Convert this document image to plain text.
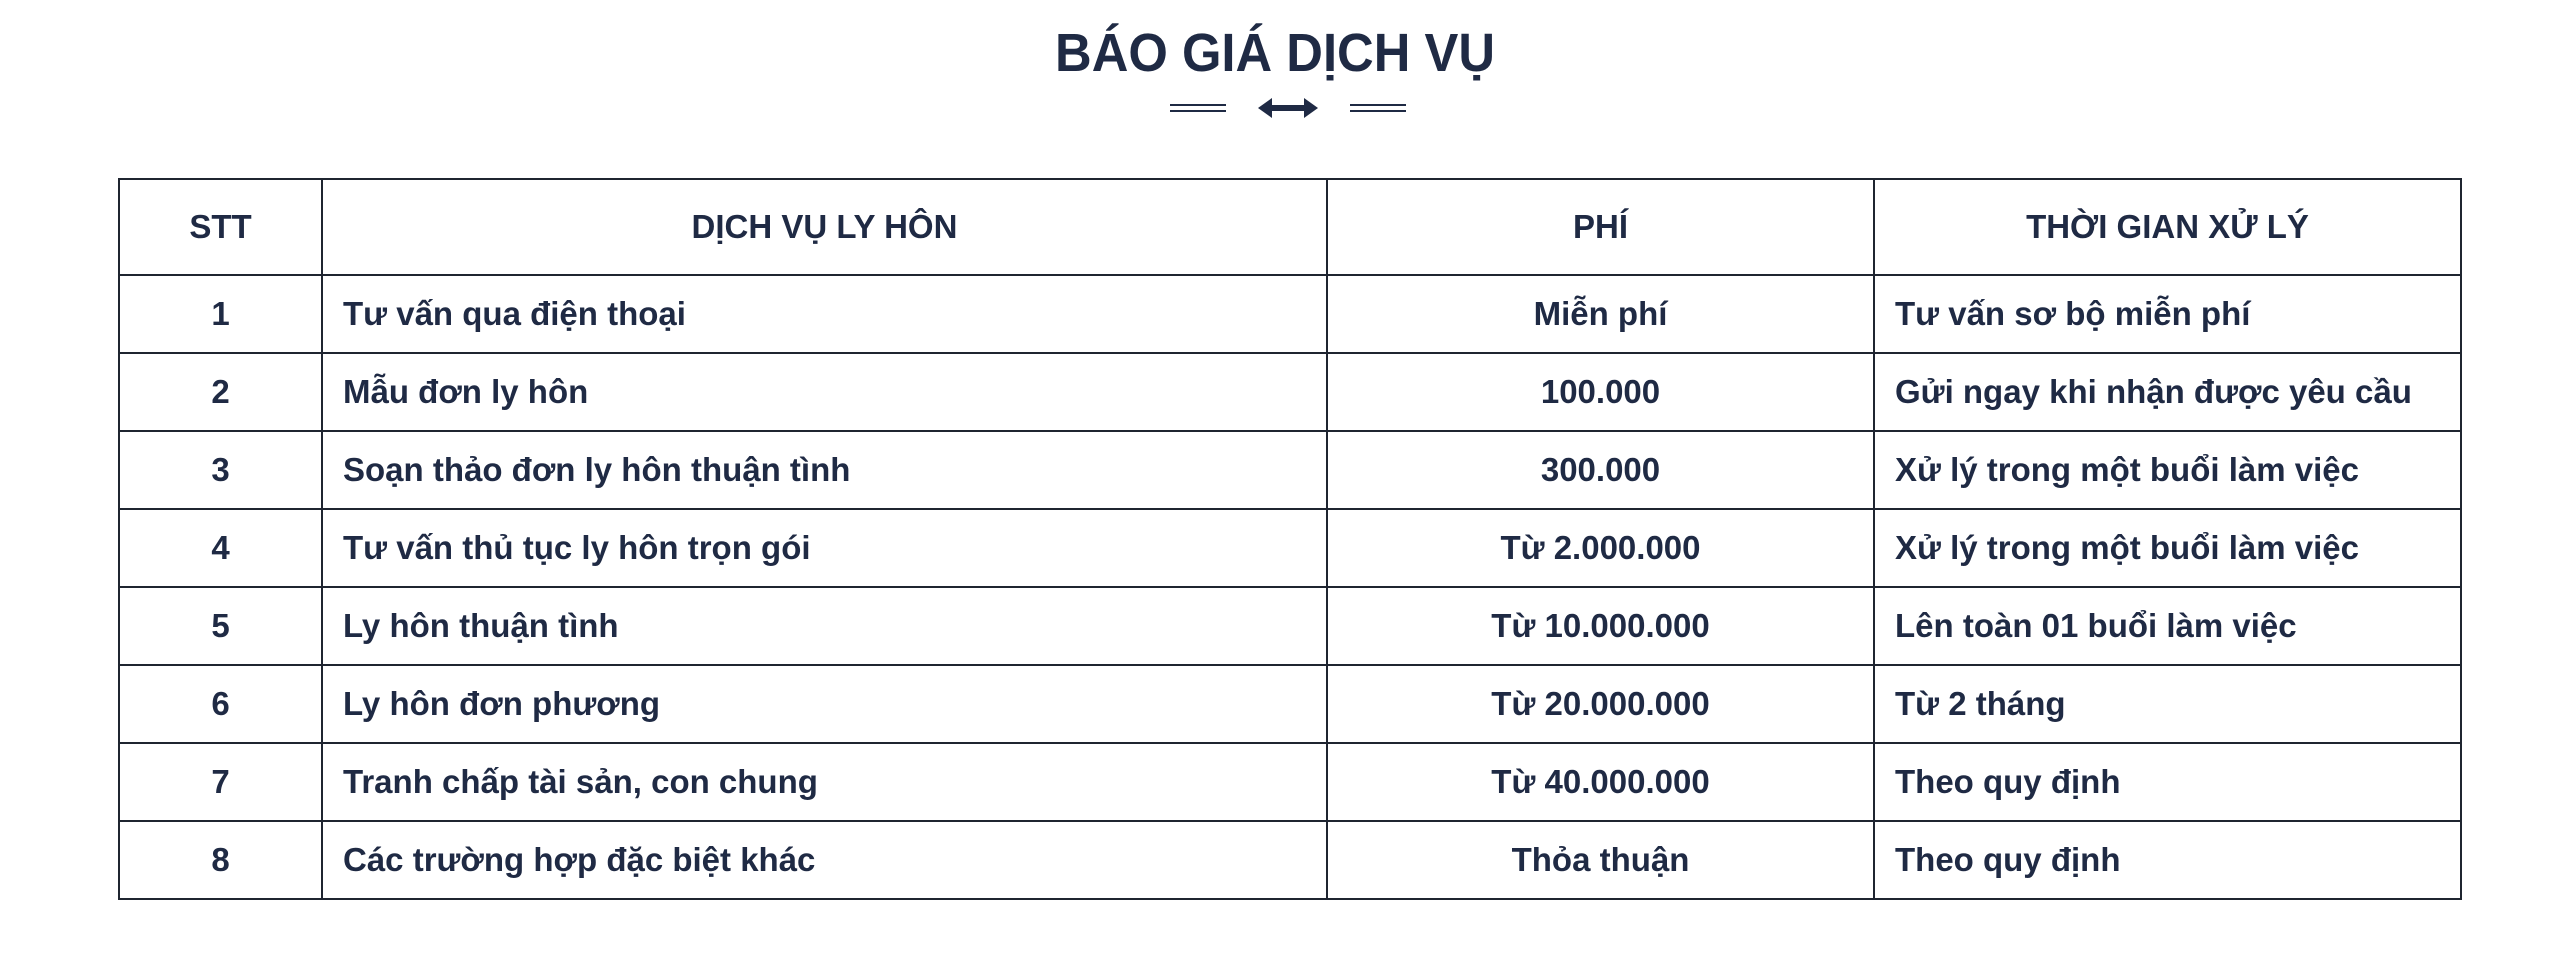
BÁO GIÁ DỊCH VỤ
STT	DỊCH VỤ LY HÔN	PHÍ	THỜI GIAN XỬ LÝ
1	Tư vấn qua điện thoại	Miễn phí	Tư vấn sơ bộ miễn phí
2	Mẫu đơn ly hôn	100.000	Gửi ngay khi nhận được yêu cầu
3	Soạn thảo đơn ly hôn thuận tình	300.000	Xử lý trong một buổi làm việc
4	Tư vấn thủ tục ly hôn trọn gói	Từ 2.000.000	Xử lý trong một buổi làm việc
5	Ly hôn thuận tình	Từ 10.000.000	Lên toàn 01 buổi làm việc
6	Ly hôn đơn phương	Từ 20.000.000	Từ 2 tháng
7	Tranh chấp tài sản, con chung	Từ 40.000.000	Theo quy định
8	Các trường hợp đặc biệt khác	Thỏa thuận	Theo quy định
